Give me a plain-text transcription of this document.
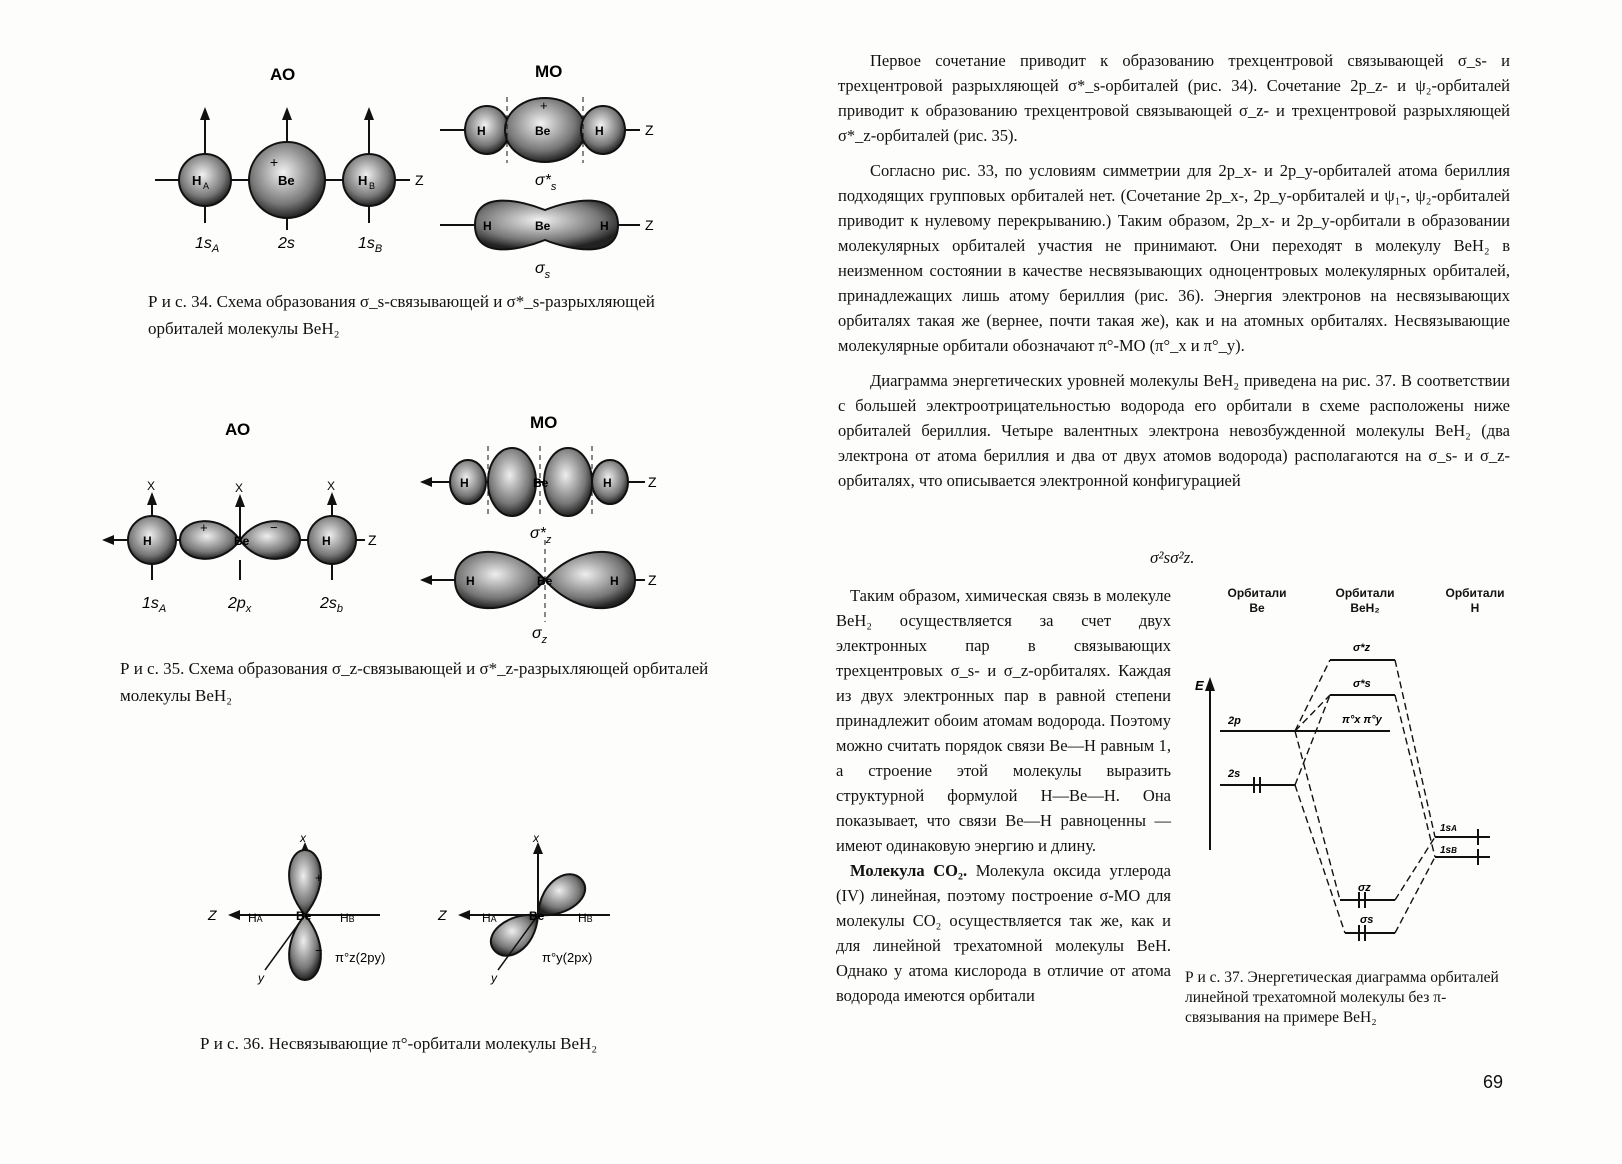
АО	МО
Z
H A	Be	H B
+
$1s_A$	2s	$1s_B$
H	Be	H
+
Z
$\sigma*_s$
H	Be	H	Z
$\sigma_s$
Р и с. 34. Схема образования σ_s-связывающей и σ*_s-разрыхляющей орбиталей молекулы BeH₂
АО	МО
X	X	X
Z
H	Be	H
+	−
$1s_A$	$2p_x$	$2s_b$
Be
H	H	Z
$\sigma*_z$
Be
H	H Z
$\sigma_z$
Р и с. 35. Схема образования σ_z-связывающей и σ*_z-разрыхляющей орбиталей молекулы BeH₂
Z	HA	Be HB
x
y
+
− π°z(2py)
Z	HA	Be	HB
x
y
π°y(2px)
Р и с. 36. Несвязывающие π°-орбитали молекулы BeH₂

Первое сочетание приводит к образованию трехцентровой связывающей σ_s- и трехцентровой разрыхляющей σ*_s-орбиталей (рис. 34). Сочетание 2p_z- и ψ₂-орбиталей приводит к образованию трехцентровой связывающей σ_z- и трехцентровой разрыхляющей σ*_z-орбиталей (рис. 35).

Согласно рис. 33, по условиям симметрии для 2p_x- и 2p_y-орбиталей атома бериллия подходящих групповых орбиталей нет. (Сочетание 2p_x-, 2p_y-орбиталей и ψ₁-, ψ₂-орбиталей приводит к нулевому перекрыванию.) Таким образом, 2p_x- и 2p_y-орбитали в образовании молекулярных орбиталей участия не принимают. Они переходят в молекулу BeH₂ в неизменном состоянии в качестве несвязывающих одноцентровых молекулярных орбиталей, принадлежащих лишь атому бериллия (рис. 36). Энергия электронов на несвязывающих орбиталях такая же (вернее, почти такая же), как и на атомных орбиталях. Несвязывающие молекулярные орбитали обозначают π°-МО (π°_x и π°_y).

Диаграмма энергетических уровней молекулы BeH₂ приведена на рис. 37. В соответствии с большей электроотрицательностью водорода его орбитали в схеме расположены ниже орбиталей бериллия. Четыре валентных электрона невозбужденной молекулы BeH₂ (два электрона от атома бериллия и два от двух атомов водорода) располагаются на σ_s- и σ_z-орбиталях, что описывается электронной конфигурацией

σ²sσ²z.

Таким образом, химическая связь в молекуле BeH₂ осуществляется за счет двух электронных пар в связывающих трехцентровых σ_s- и σ_z-орбиталях. Каждая из двух электронных пар в равной степени принадлежит обоим атомам водорода. Поэтому можно считать порядок связи Be—H равным 1, а строение этой молекулы выразить структурной формулой H—Be—H. Она показывает, что связи Be—H равноценны — имеют одинаковую энергию и длину.

Молекула CO₂. Молекула оксида углерода (IV) линейная, поэтому построение σ-МО для молекулы CO₂ осуществляется так же, как и для линейной трехатомной молекулы BeH. Однако у атома кислорода в отличие от атома водорода имеются орбитали

Орбитали Be
Орбитали BeH₂
Орбитали H
E
2p
2s
σ*z
σ*s
π°x π°y
σz
σs
1sA
1sB
Р и с. 37. Энергетическая диаграмма орбиталей линейной трехатомной молекулы без π-связывания на примере BeH₂
69
